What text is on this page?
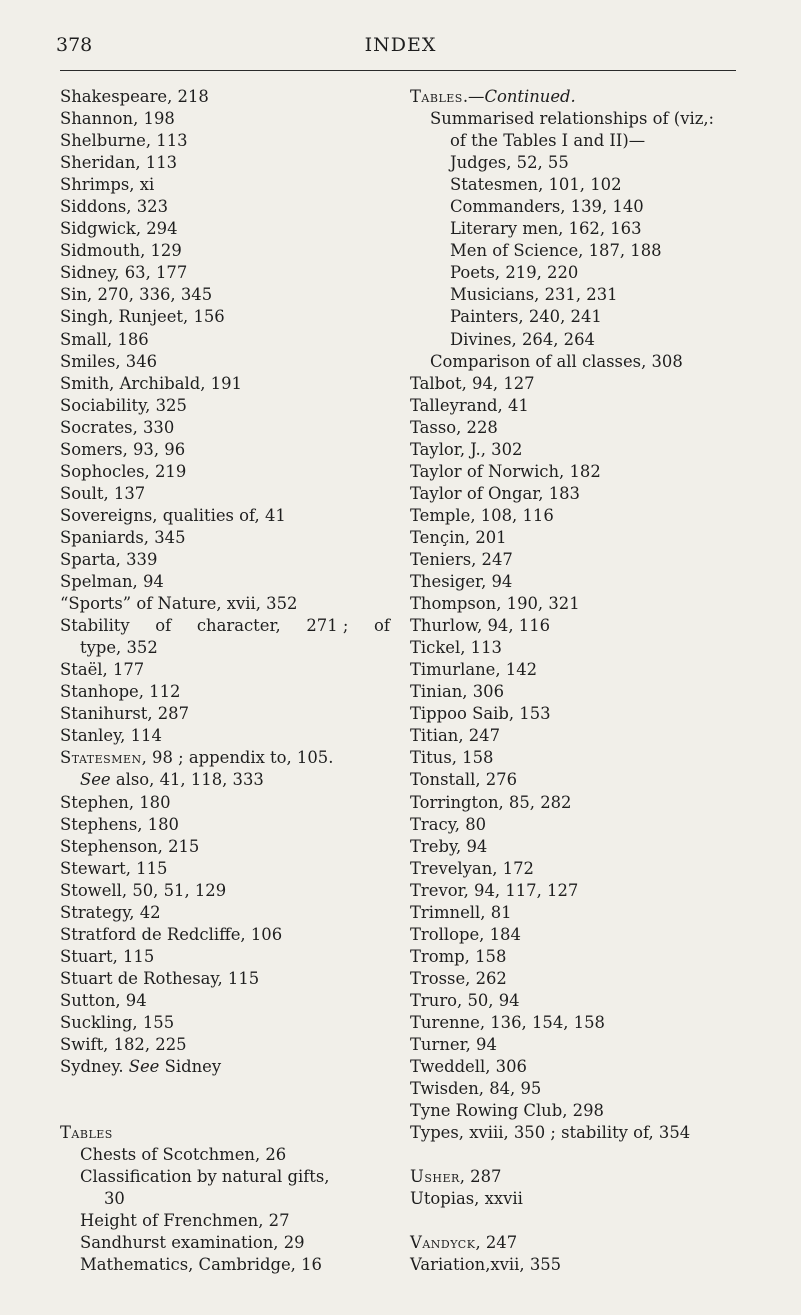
378	INDEX
Shakespeare, 218
Shannon, 198
Shelburne, 113
Sheridan, 113
Shrimps, xi
Siddons, 323
Sidgwick, 294
Sidmouth, 129
Sidney, 63, 177
Sin, 270, 336, 345
Singh, Runjeet, 156
Small, 186
Smiles, 346
Smith, Archibald, 191
Sociability, 325
Socrates, 330
Somers, 93, 96
Sophocles, 219
Soult, 137
Sovereigns, qualities of, 41
Spaniards, 345
Sparta, 339
Spelman, 94
“Sports” of Nature, xvii, 352
Stability of character, 271 ; of
type, 352
Staël, 177
Stanhope, 112
Stanihurst, 287
Stanley, 114
Statesmen, 98 ; appendix to, 105.
See also, 41, 118, 333
Stephen, 180
Stephens, 180
Stephenson, 215
Stewart, 115
Stowell, 50, 51, 129
Strategy, 42
Stratford de Redcliffe, 106
Stuart, 115
Stuart de Rothesay, 115
Sutton, 94
Suckling, 155
Swift, 182, 225
Sydney. See Sidney
Tables
Chests of Scotchmen, 26
Classification by natural gifts,
30
Height of Frenchmen, 27
Sandhurst examination, 29
Mathematics, Cambridge, 16
Tables.—Continued.
Summarised relationships of (viz,:
of the Tables I and II)—
Judges, 52, 55
Statesmen, 101, 102
Commanders, 139, 140
Literary men, 162, 163
Men of Science, 187, 188
Poets, 219, 220
Musicians, 231, 231
Painters, 240, 241
Divines, 264, 264
Comparison of all classes, 308
Talbot, 94, 127
Talleyrand, 41
Tasso, 228
Taylor, J., 302
Taylor of Norwich, 182
Taylor of Ongar, 183
Temple, 108, 116
Tençin, 201
Teniers, 247
Thesiger, 94
Thompson, 190, 321
Thurlow, 94, 116
Tickel, 113
Timurlane, 142
Tinian, 306
Tippoo Saib, 153
Titian, 247
Titus, 158
Tonstall, 276
Torrington, 85, 282
Tracy, 80
Treby, 94
Trevelyan, 172
Trevor, 94, 117, 127
Trimnell, 81
Trollope, 184
Tromp, 158
Trosse, 262
Truro, 50, 94
Turenne, 136, 154, 158
Turner, 94
Tweddell, 306
Twisden, 84, 95
Tyne Rowing Club, 298
Types, xviii, 350 ; stability of, 354
Usher, 287
Utopias, xxvii
Vandyck, 247
Variation,xvii, 355
